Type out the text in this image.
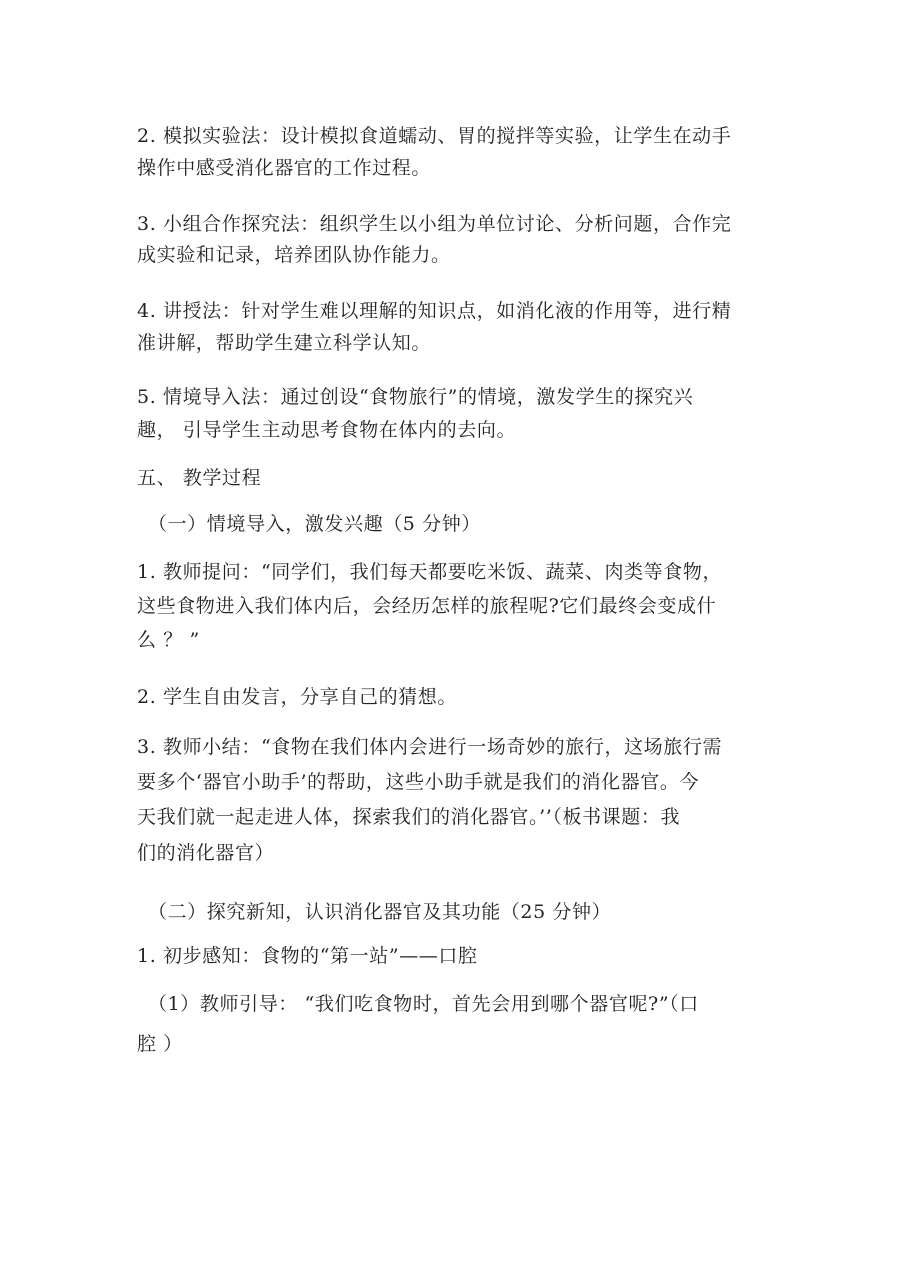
2. 模拟实验法：设计模拟食道蠕动、胃的搅拌等实验，让学生在动手
操作中感受消化器官的工作过程。
3. 小组合作探究法：组织学生以小组为单位讨论、分析问题，合作完
成实验和记录，培养团队协作能力。
4. 讲授法：针对学生难以理解的知识点，如消化液的作用等，进行精
准讲解，帮助学生建立科学认知。
5. 情境导入法：通过创设“食物旅行”的情境，激发学生的探究兴
趣， 引导学生主动思考食物在体内的去向。
五、 教学过程
（一）情境导入，激发兴趣（5 分钟）
1. 教师提问：“同学们，我们每天都要吃米饭、蔬菜、肉类等食物，
这些食物进入我们体内后，会经历怎样的旅程呢?它们最终会变成什
么 ？ ”
2. 学生自由发言，分享自己的猜想。
3. 教师小结：“食物在我们体内会进行一场奇妙的旅行，这场旅行需
要多个‘器官小助手’的帮助，这些小助手就是我们的消化器官。今
天我们就一起走进人体，探索我们的消化器官。’’（板书课题：我
们的消化器官）
（二）探究新知，认识消化器官及其功能（25 分钟）
1. 初步感知：食物的“第一站”——口腔
（1）教师引导： “我们吃食物时，首先会用到哪个器官呢?”（口
腔 ）
